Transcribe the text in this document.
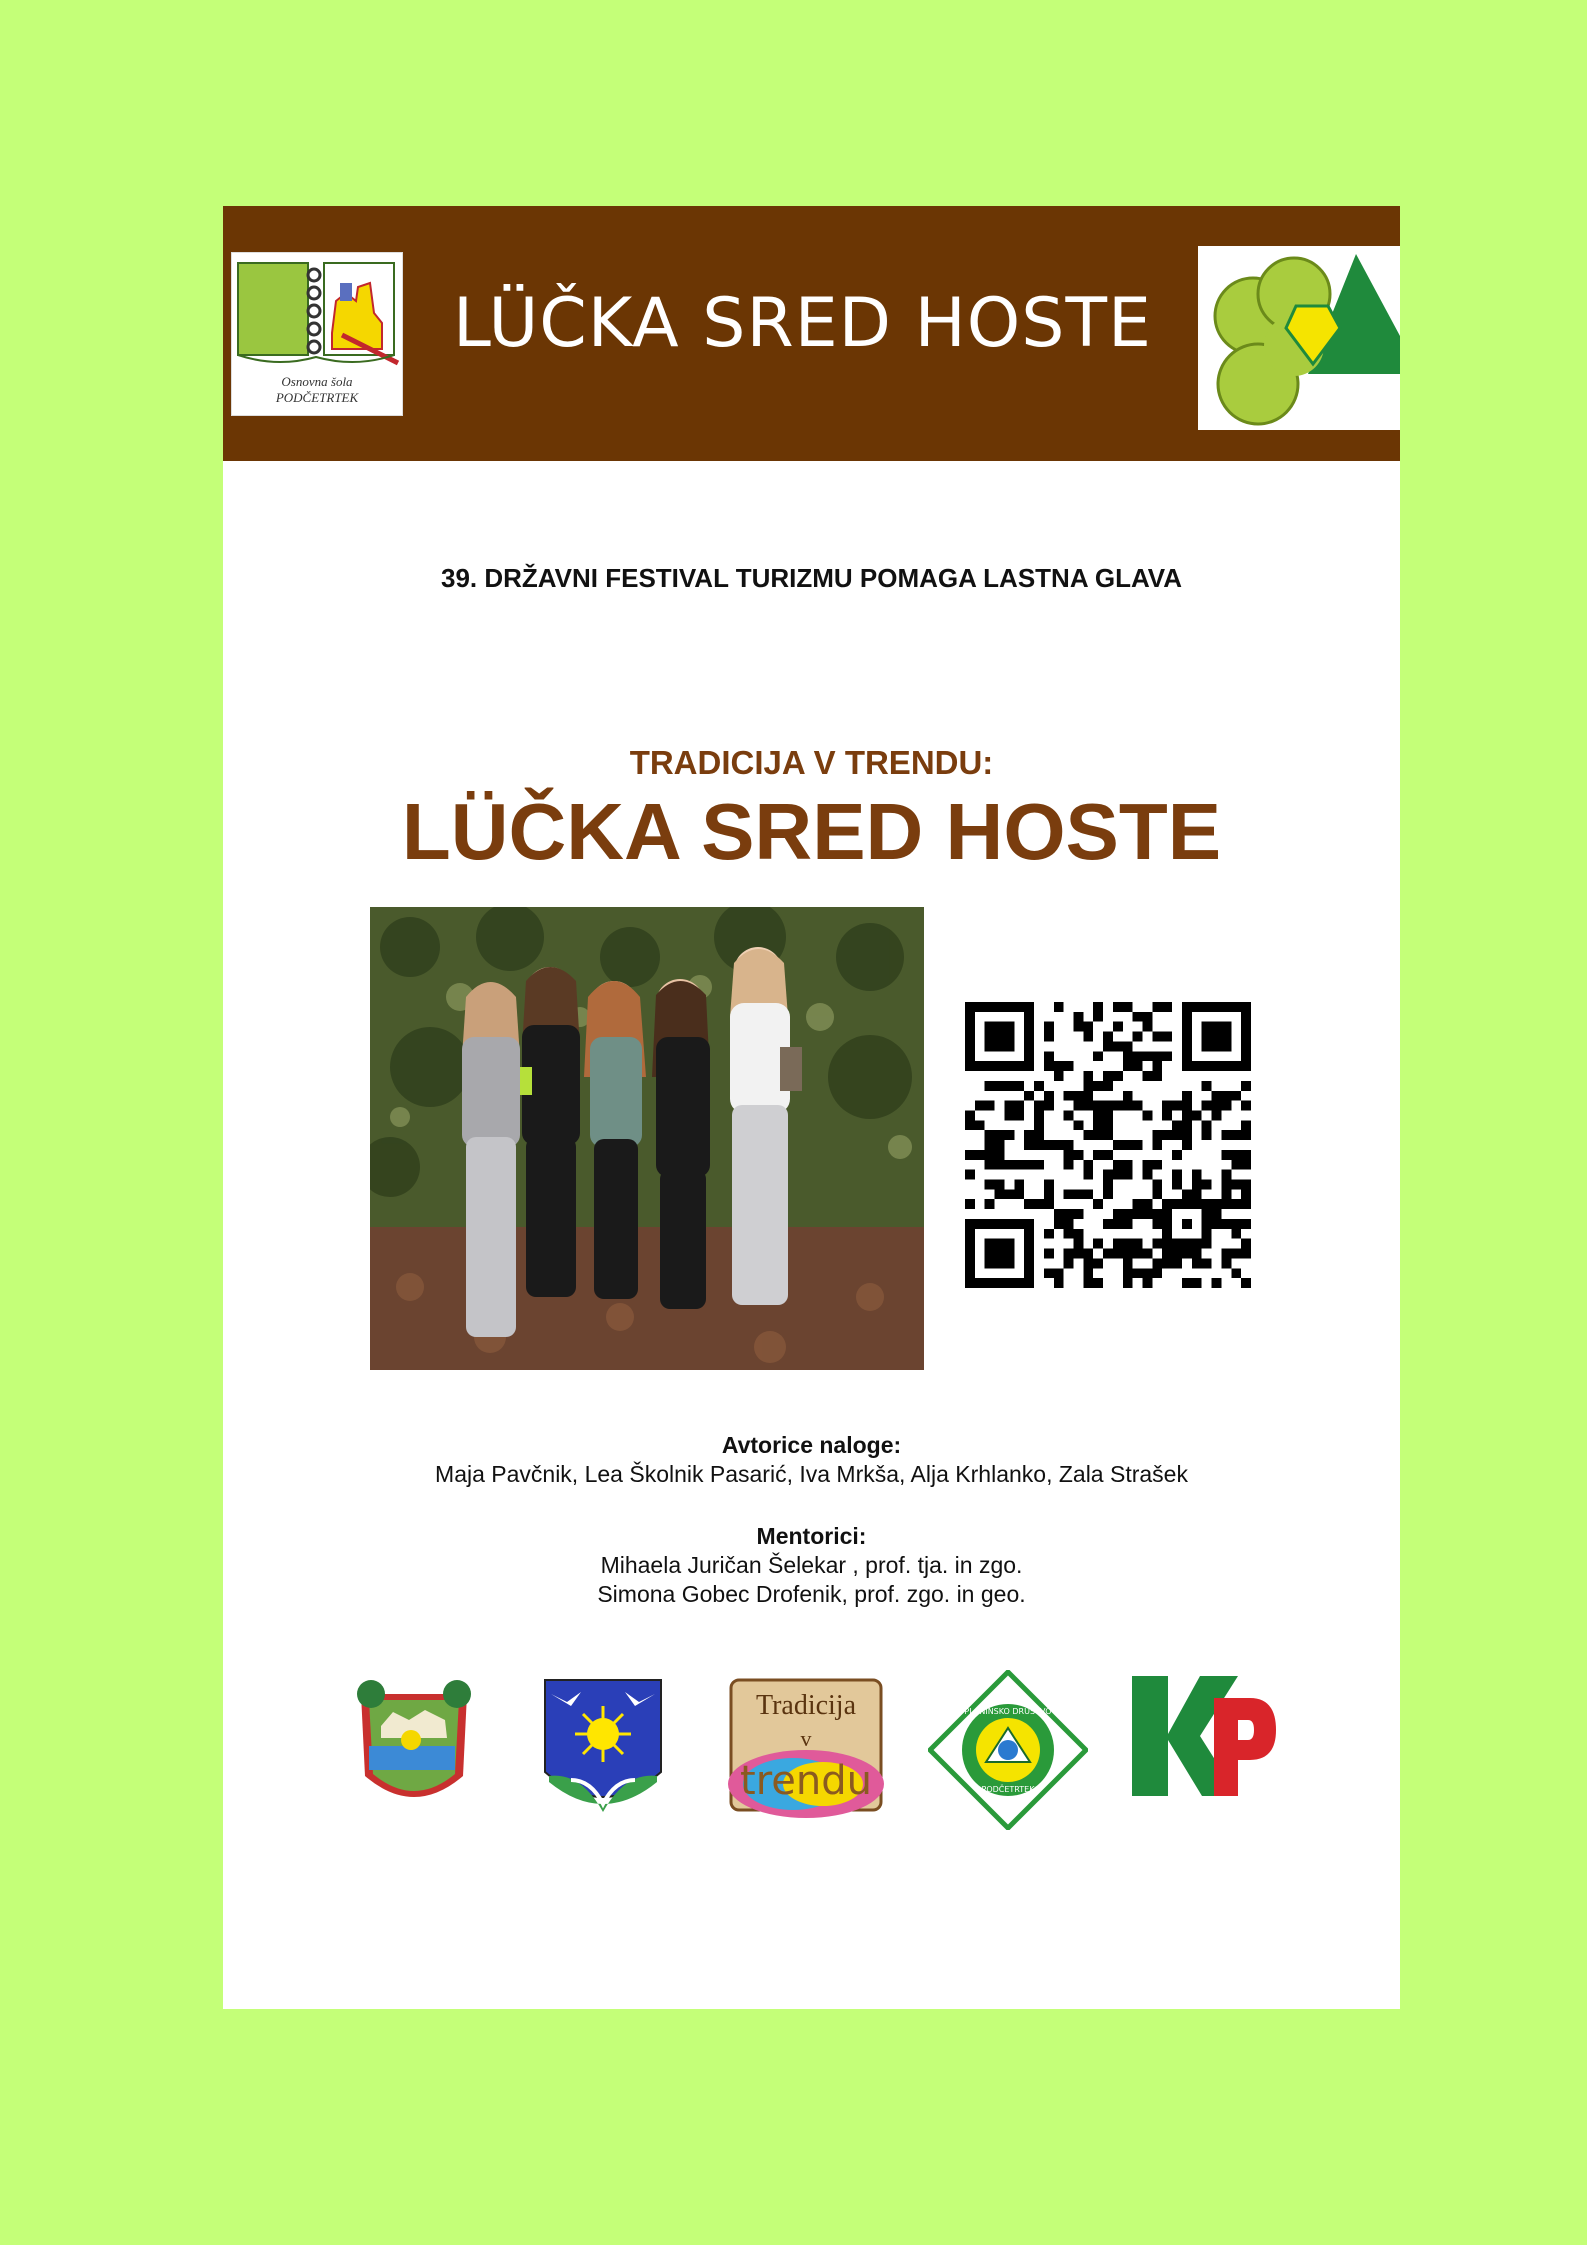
Osnovna šola
PODČETRTEK
LÜČKA SRED HOSTE
39. DRŽAVNI FESTIVAL TURIZMU POMAGA LASTNA GLAVA
TRADICIJA V TRENDU:
LÜČKA SRED HOSTE
Avtorice naloge:
Maja Pavčnik, Lea Školnik Pasarić, Iva Mrkša, Alja Krhlanko, Zala Strašek
Mentorici:
Mihaela Juričan Šelekar , prof. tja. in zgo.
Simona Gobec Drofenik, prof. zgo. in geo.
Tradicija
v
trendu
PLANINSKO DRUŠTVO
PODČETRTEK
